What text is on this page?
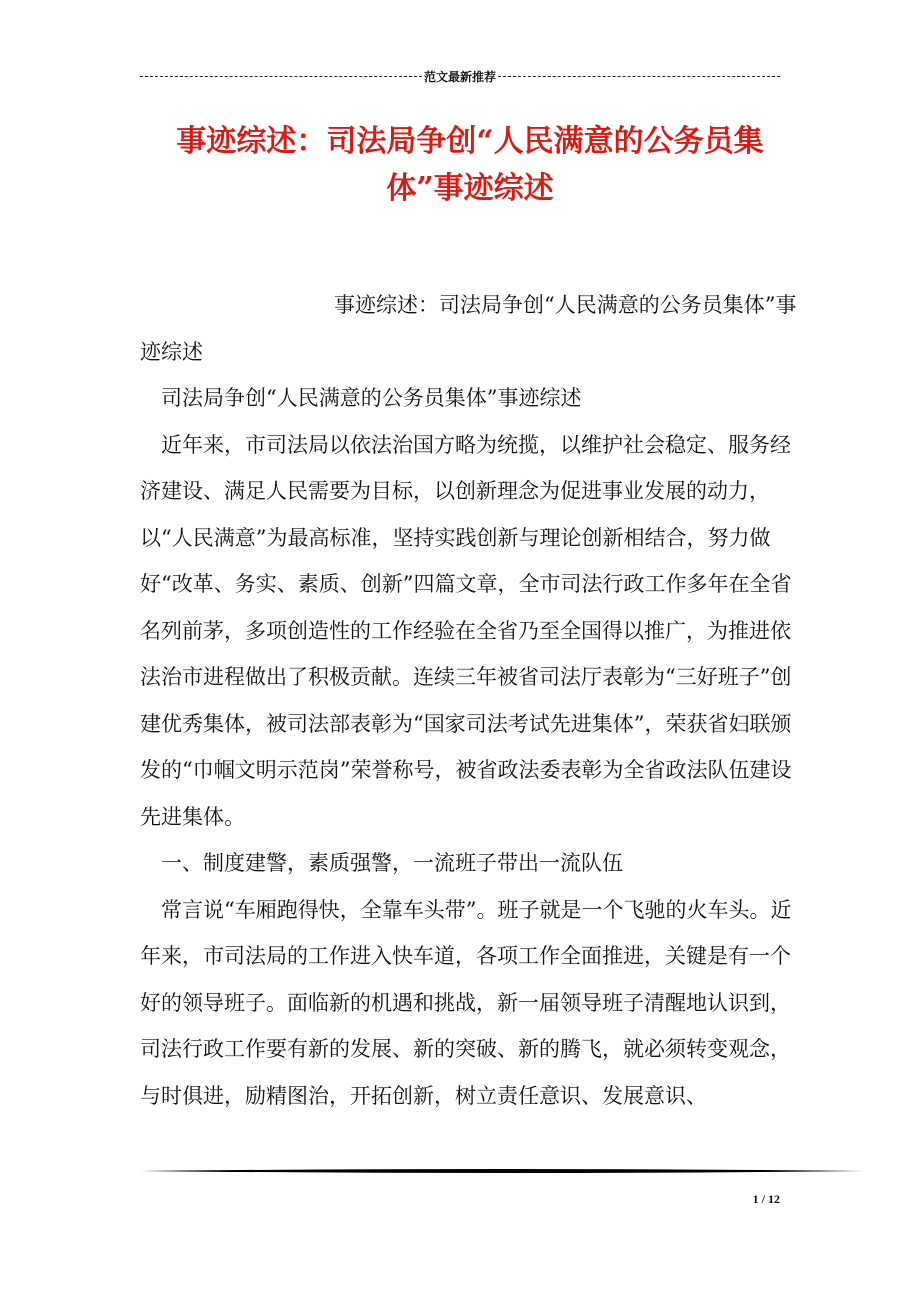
范文最新推荐
事迹综述：司法局争创“人民满意的公务员集体”事迹综述

事迹综述：司法局争创“人民满意的公务员集体”事迹综述

司法局争创“人民满意的公务员集体”事迹综述

近年来，市司法局以依法治国方略为统揽，以维护社会稳定、服务经济建设、满足人民需要为目标，以创新理念为促进事业发展的动力，以“人民满意”为最高标准，坚持实践创新与理论创新相结合，努力做好“改革、务实、素质、创新”四篇文章，全市司法行政工作多年在全省名列前茅，多项创造性的工作经验在全省乃至全国得以推广，为推进依法治市进程做出了积极贡献。连续三年被省司法厅表彰为“三好班子”创建优秀集体，被司法部表彰为“国家司法考试先进集体”，荣获省妇联颁发的“巾帼文明示范岗”荣誉称号，被省政法委表彰为全省政法队伍建设先进集体。

一、制度建警，素质强警，一流班子带出一流队伍

常言说“车厢跑得快，全靠车头带”。班子就是一个飞驰的火车头。近年来，市司法局的工作进入快车道，各项工作全面推进，关键是有一个好的领导班子。面临新的机遇和挑战，新一届领导班子清醒地认识到，司法行政工作要有新的发展、新的突破、新的腾飞，就必须转变观念，与时俱进，励精图治，开拓创新，树立责任意识、发展意识、

1 / 12
